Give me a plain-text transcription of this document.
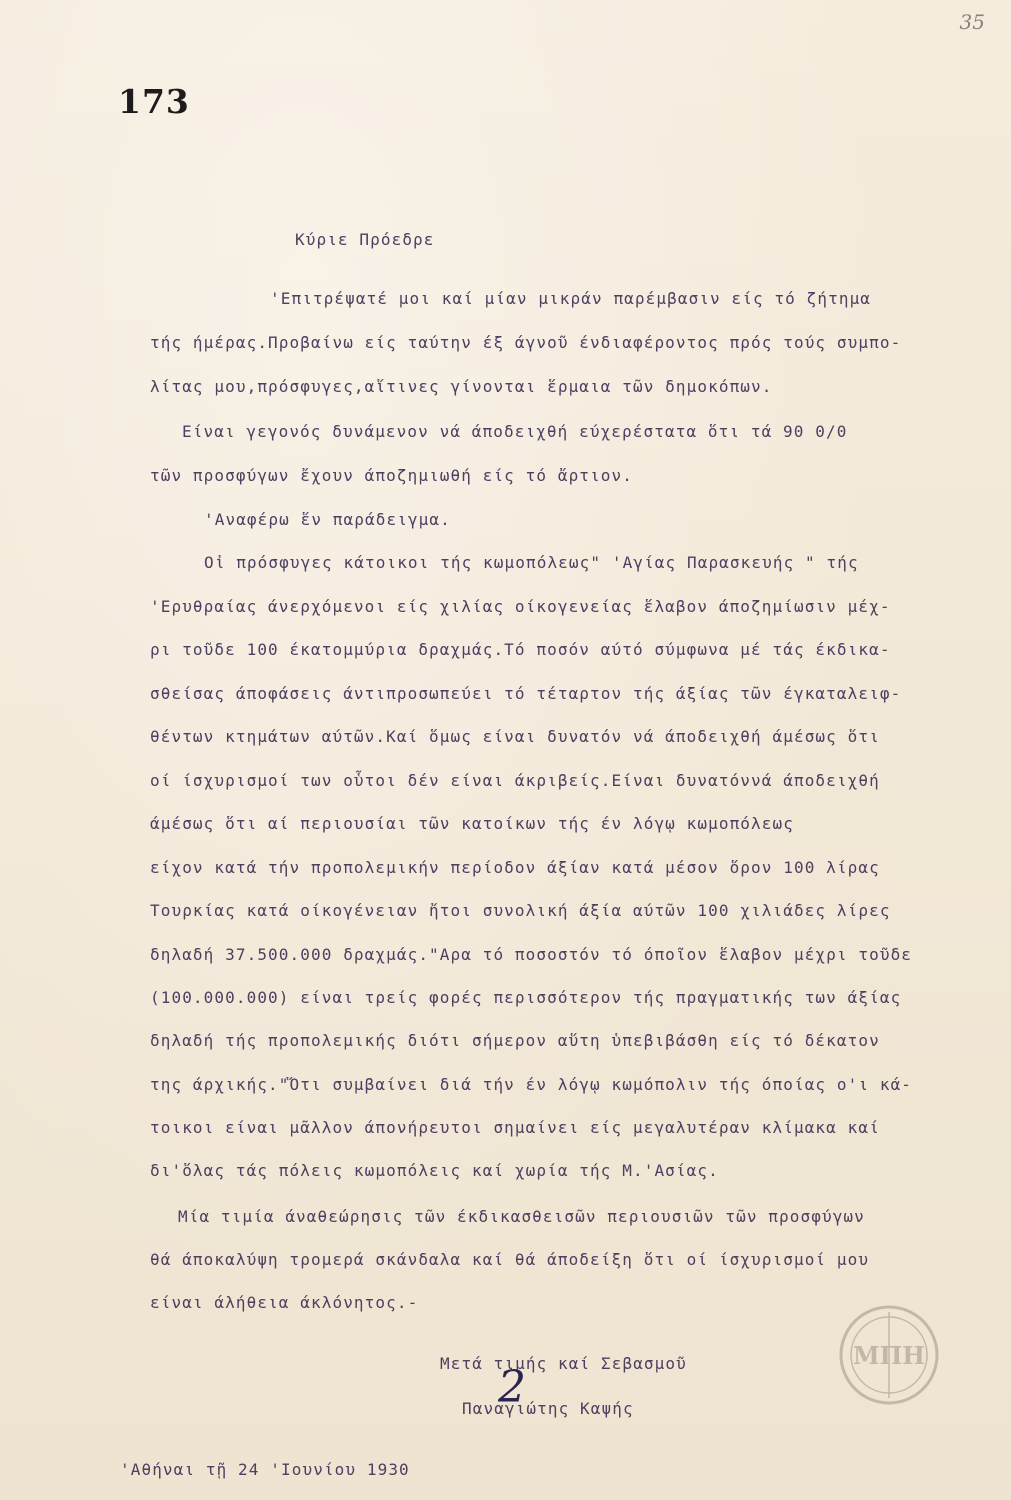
35
173
Κύριε Πρόεδρε
'Επιτρέψατέ μοι καί μίαν μικράν παρέμβασιν είς τό ζήτημα
τής ήμέρας.Προβαίνω είς ταύτην έξ άγνοῦ ένδιαφέροντος πρός τούς συμπο-
λίτας μου,πρόσφυγες,αἵτινες γίνονται ἕρμαια τῶν δημοκόπων.
Είναι γεγονός δυνάμενον νά άποδειχθή εύχερέστατα ὅτι τά 90 0/0
τῶν προσφύγων ἔχουν άποζημιωθή είς τό ἄρτιον.
'Αναφέρω ἕν παράδειγμα.
Οἰ πρόσφυγες κάτοικοι τής κωμοπόλεως" 'Αγίας Παρασκευής " τής
'Ερυθραίας άνερχόμενοι είς χιλίας οίκογενείας ἕλαβον άποζημίωσιν μέχ-
ρι τοῦδε 100 έκατομμύρια δραχμάς.Τό ποσόν αύτό σύμφωνα μέ τάς έκδικα-
σθείσας άποφάσεις άντιπροσωπεύει τό τέταρτον τής άξίας τῶν έγκαταλειφ-
θέντων κτημάτων αύτῶν.Καί ὅμως είναι δυνατόν νά άποδειχθή άμέσως ὅτι
οί ίσχυρισμοί των οὗτοι δέν είναι άκριβείς.Είναι δυνατόννά άποδειχθή
άμέσως ὅτι αί περιουσίαι τῶν κατοίκων τής έν λόγῳ κωμοπόλεως
είχον κατά τήν προπολεμικήν περίοδον άξίαν κατά μέσον ὅρον 100 λίρας
Τουρκίας κατά οίκογένειαν ἤτοι συνολική άξία αύτῶν 100 χιλιάδες λίρες
δηλαδή 37.500.000 δραχμάς."Αρα τό ποσοστόν τό όποῖον ἕλαβον μέχρι τοῦδε
(100.000.000) είναι τρείς φορές περισσότερον τής πραγματικής των άξίας
δηλαδή τής προπολεμικής διότι σήμερον αὕτη ὑπεβιβάσθη είς τό δέκατον
της άρχικής."Ὅτι συμβαίνει διά τήν έν λόγῳ κωμόπολιν τής όποίας ο'ι κά-
τοικοι είναι μᾶλλον άπονήρευτοι σημαίνει είς μεγαλυτέραν κλίμακα καί
δι'ὅλας τάς πόλεις κωμοπόλεις καί χωρία τής Μ.'Ασίας.
Μία τιμία άναθεώρησις τῶν έκδικασθεισῶν περιουσιῶν τῶν προσφύγων
θά άποκαλύψη τρομερά σκάνδαλα καί θά άποδείξη ὅτι οί ίσχυρισμοί μου
είναι άλήθεια άκλόνητος.-
Μετά τιμής καί Σεβασμοῦ
Παναγιώτης Καψής
2
'Αθήναι τῇ 24 'Ιουνίου 1930
ΜΠΗ
